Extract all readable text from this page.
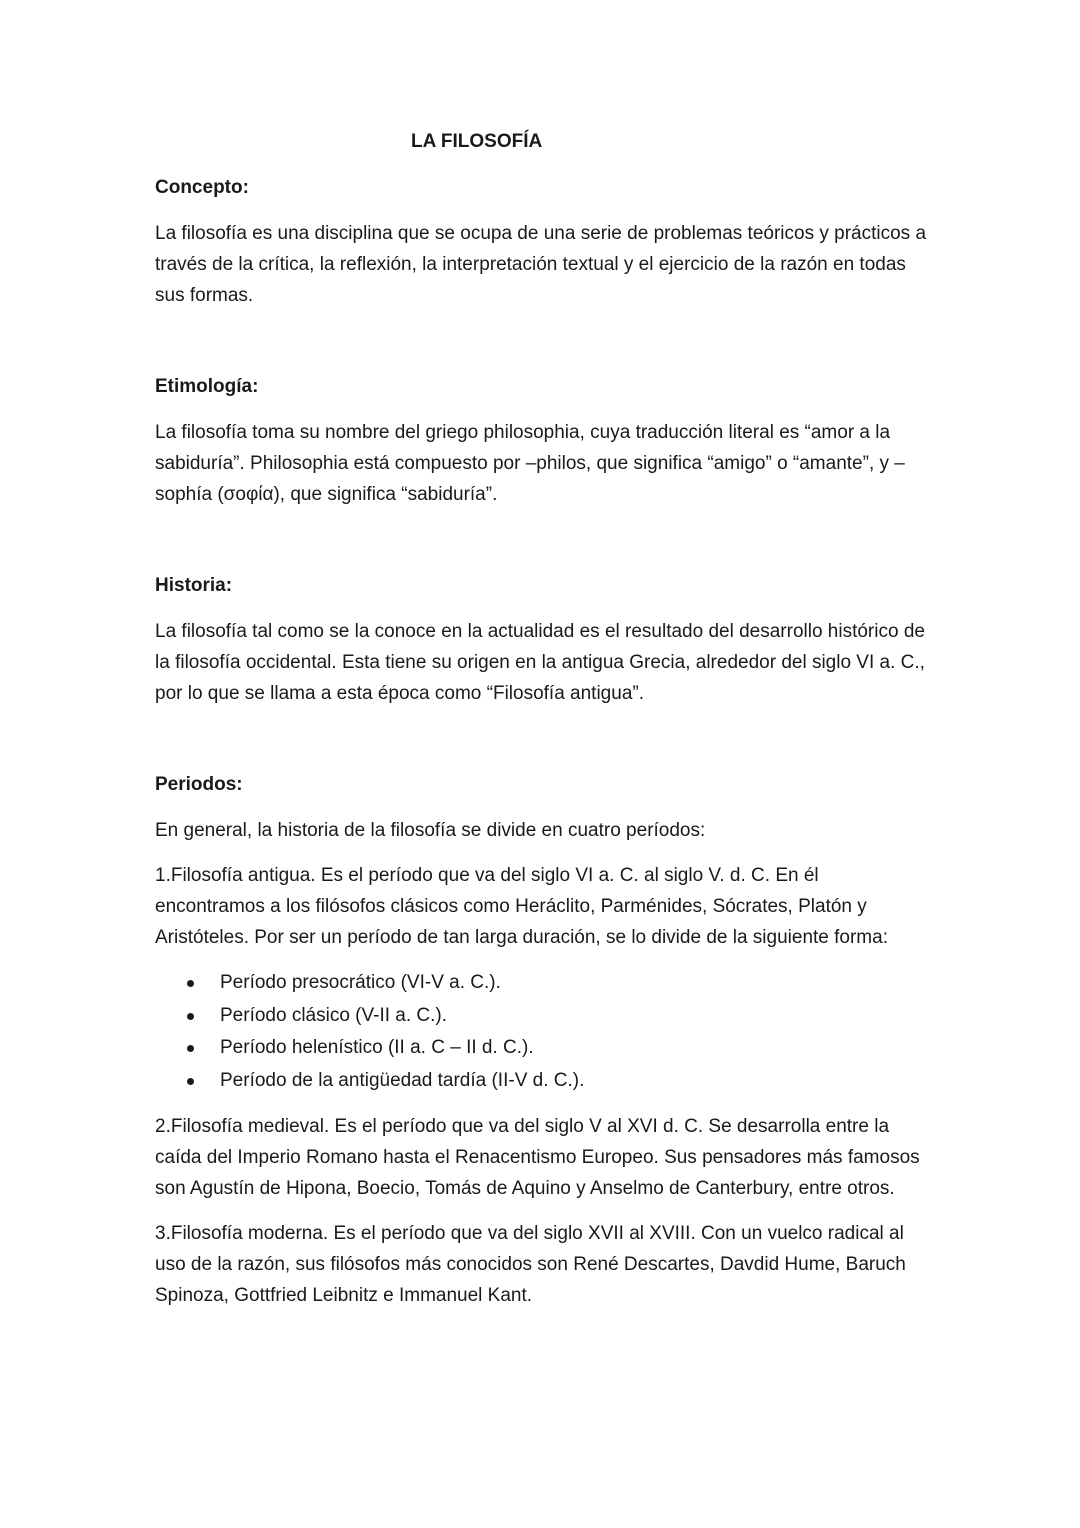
LA FILOSOFÍA
Concepto:

La filosofía es una disciplina que se ocupa de una serie de problemas teóricos y prácticos a través de la crítica, la reflexión, la interpretación textual y el ejercicio de la razón en todas sus formas.

Etimología:

La filosofía toma su nombre del griego philosophia, cuya traducción literal es “amor a la sabiduría”. Philosophia está compuesto por –philos, que significa “amigo” o “amante”, y –sophía (σοφία), que significa “sabiduría”.

Historia:

La filosofía tal como se la conoce en la actualidad es el resultado del desarrollo histórico de la filosofía occidental. Esta tiene su origen en la antigua Grecia, alrededor del siglo VI a. C., por lo que se llama a esta época como “Filosofía antigua”.

Periodos:

En general, la historia de la filosofía se divide en cuatro períodos:

1.Filosofía antigua. Es el período que va del siglo VI a. C. al siglo V. d. C. En él encontramos a los filósofos clásicos como Heráclito, Parménides, Sócrates, Platón y Aristóteles. Por ser un período de tan larga duración, se lo divide de la siguiente forma:

Período presocrático (VI-V a. C.).
Período clásico (V-II a. C.).
Período helenístico (II a. C – II d. C.).
Período de la antigüedad tardía (II-V d. C.).

2.Filosofía medieval. Es el período que va del siglo V al XVI d. C. Se desarrolla entre la caída del Imperio Romano hasta el Renacentismo Europeo. Sus pensadores más famosos son Agustín de Hipona, Boecio, Tomás de Aquino y Anselmo de Canterbury, entre otros.

3.Filosofía moderna. Es el período que va del siglo XVII al XVIII. Con un vuelco radical al uso de la razón, sus filósofos más conocidos son René Descartes, Davdid Hume, Baruch Spinoza, Gottfried Leibnitz e Immanuel Kant.
